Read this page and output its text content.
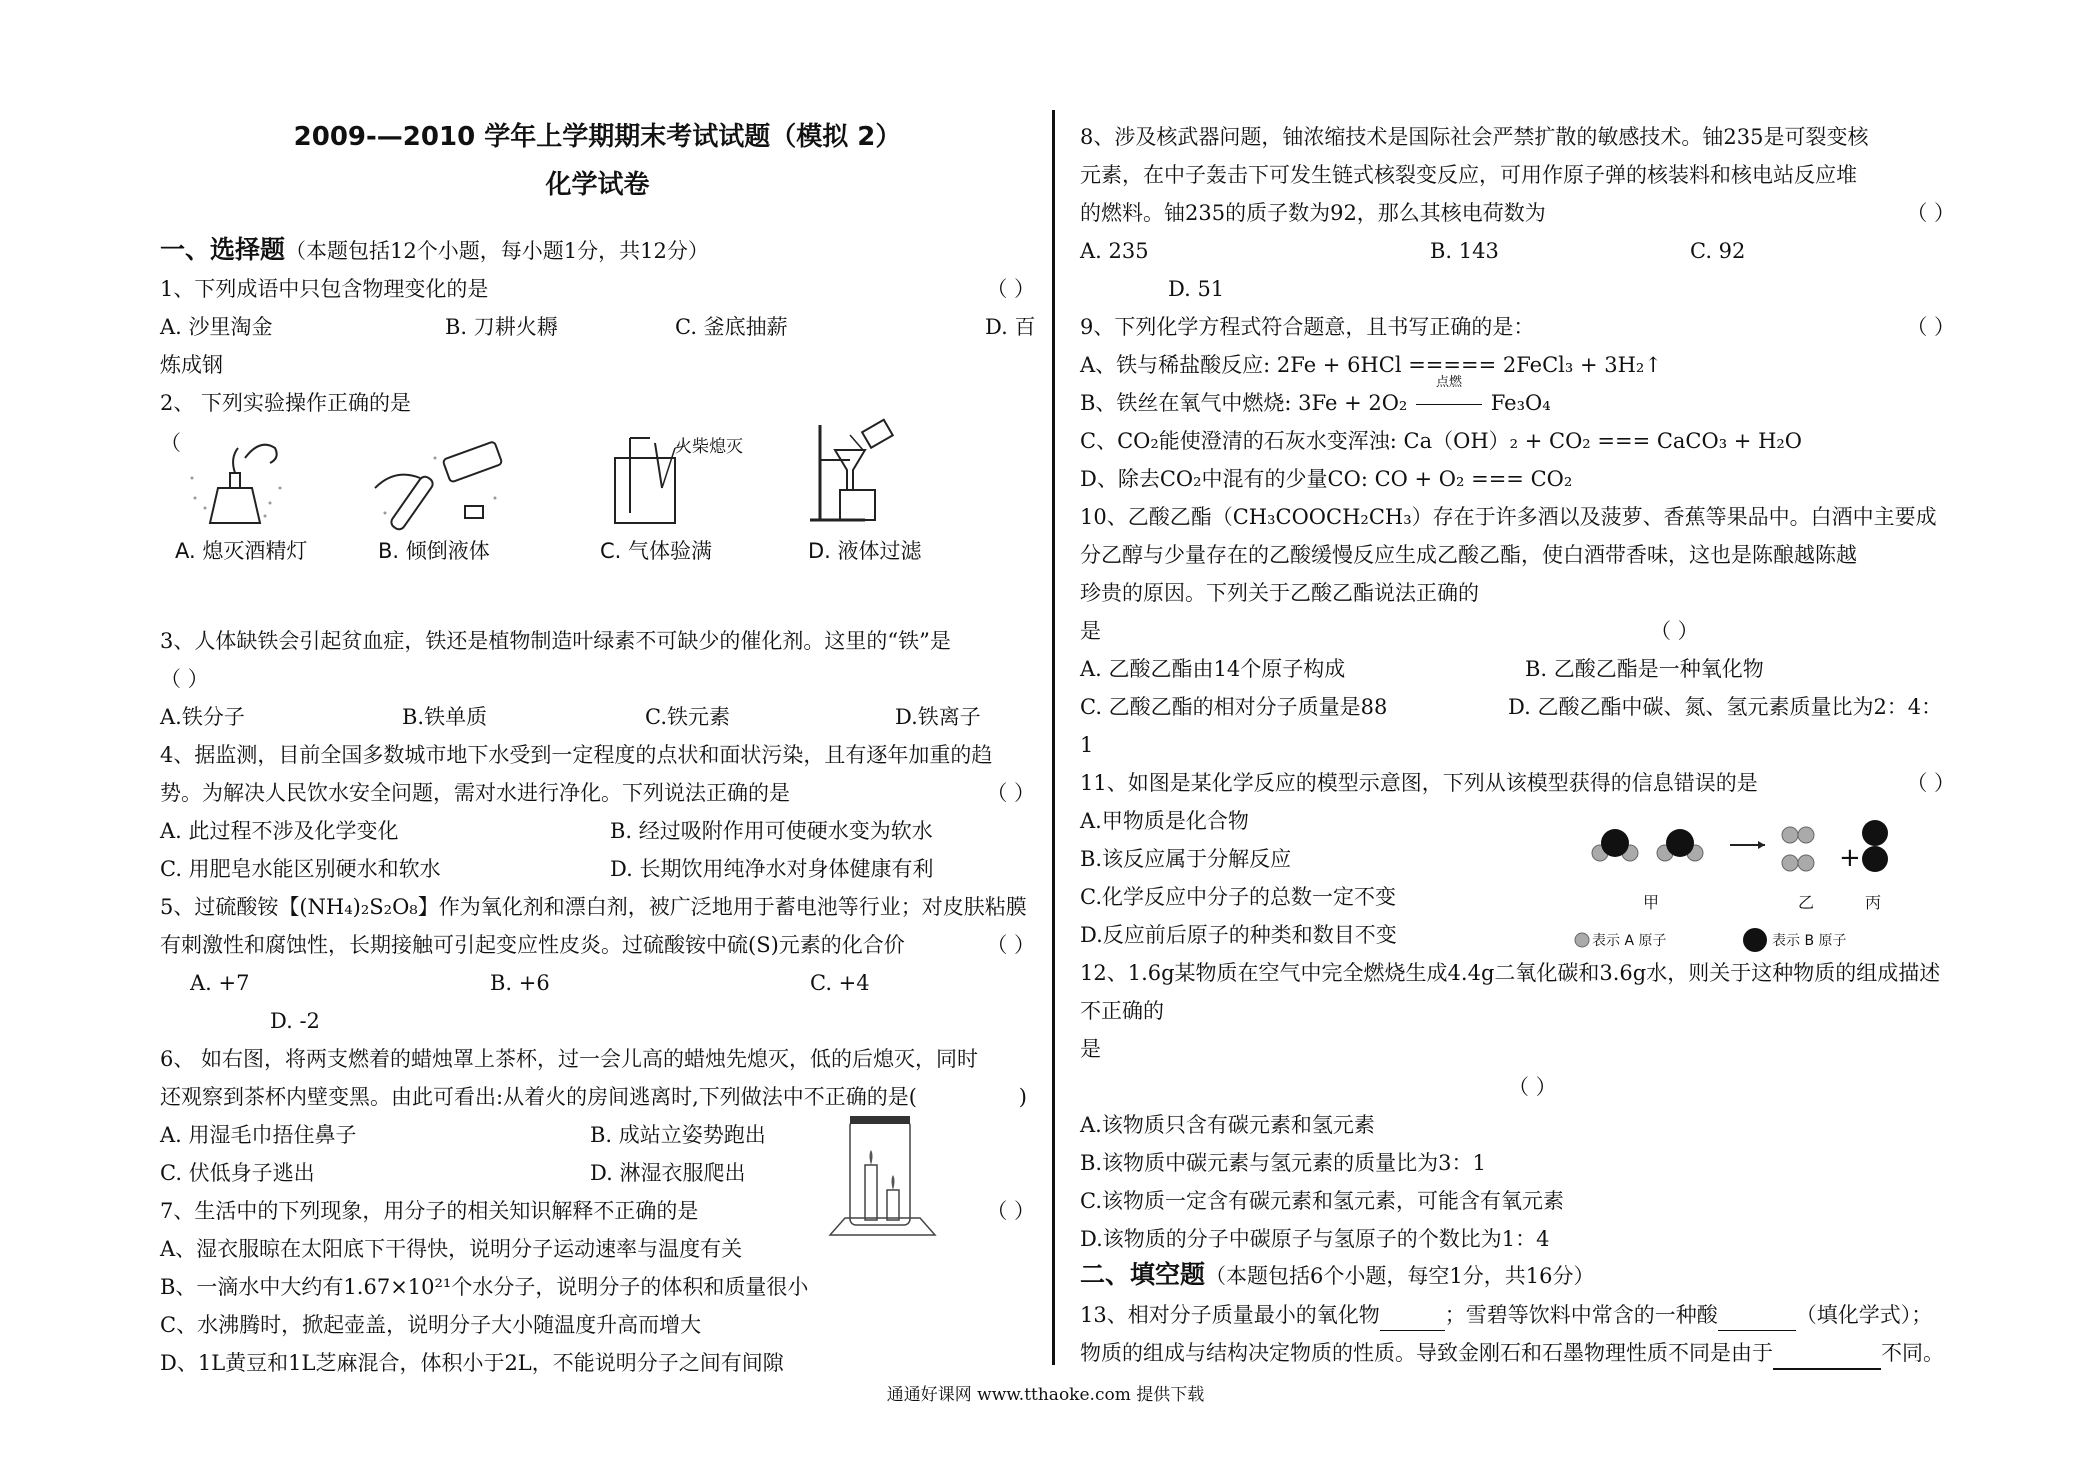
2009-—2010 学年上学期期末考试试题（模拟 2）
化学试卷
一、选择题（本题包括12个小题，每小题1分，共12分）
1、下列成语中只包含物理变化的是	（ ）
A. 沙里淘金	B. 刀耕火耨	C. 釜底抽薪	D. 百
炼成钢
2、 下列实验操作正确的是
（	火柴熄灭
A. 熄灭酒精灯	B. 倾倒液体	C. 气体验满	D. 液体过滤
3、人体缺铁会引起贫血症，铁还是植物制造叶绿素不可缺少的催化剂。这里的“铁”是
（ ）
A.铁分子	B.铁单质	C.铁元素	D.铁离子
4、据监测，目前全国多数城市地下水受到一定程度的点状和面状污染，且有逐年加重的趋
势。为解决人民饮水安全问题，需对水进行净化。下列说法正确的是	（ ）
A. 此过程不涉及化学变化	B. 经过吸附作用可使硬水变为软水
C. 用肥皂水能区别硬水和软水	D. 长期饮用纯净水对身体健康有利
5、过硫酸铵【(NH₄)₂S₂O₈】作为氧化剂和漂白剂，被广泛地用于蓄电池等行业；对皮肤粘膜
有刺激性和腐蚀性，长期接触可引起变应性皮炎。过硫酸铵中硫(S)元素的化合价	（ ）
A. +7	B. +6	C. +4
D. -2
6、 如右图，将两支燃着的蜡烛罩上茶杯，过一会儿高的蜡烛先熄灭，低的后熄灭，同时
还观察到茶杯内壁变黑。由此可看出:从着火的房间逃离时,下列做法中不正确的是(	)
A. 用湿毛巾捂住鼻子	B. 成站立姿势跑出
C. 伏低身子逃出	D. 淋湿衣服爬出
7、生活中的下列现象，用分子的相关知识解释不正确的是	（ ）
A、湿衣服晾在太阳底下干得快，说明分子运动速率与温度有关
B、一滴水中大约有1.67×10²¹个水分子，说明分子的体积和质量很小
C、水沸腾时，掀起壶盖，说明分子大小随温度升高而增大
D、1L黄豆和1L芝麻混合，体积小于2L，不能说明分子之间有间隙
8、涉及核武器问题，铀浓缩技术是国际社会严禁扩散的敏感技术。铀235是可裂变核
元素，在中子轰击下可发生链式核裂变反应，可用作原子弹的核装料和核电站反应堆
的燃料。铀235的质子数为92，那么其核电荷数为	（ ）
A. 235	B. 143	C. 92
D. 51
9、下列化学方程式符合题意，且书写正确的是：	（ ）
A、铁与稀盐酸反应: 2Fe + 6HCl ===== 2FeCl₃ + 3H₂↑
B、铁丝在氧气中燃烧: 3Fe + 2O₂
点燃
Fe₃O₄
C、CO₂能使澄清的石灰水变浑浊: Ca（OH）₂ + CO₂ === CaCO₃ + H₂O
D、除去CO₂中混有的少量CO: CO + O₂ === CO₂
10、乙酸乙酯（CH₃COOCH₂CH₃）存在于许多酒以及菠萝、香蕉等果品中。白酒中主要成
分乙醇与少量存在的乙酸缓慢反应生成乙酸乙酯，使白酒带香味，这也是陈酿越陈越
珍贵的原因。下列关于乙酸乙酯说法正确的
是	（ ）
A. 乙酸乙酯由14个原子构成	B. 乙酸乙酯是一种氧化物
C. 乙酸乙酯的相对分子质量是88	D. 乙酸乙酯中碳、氮、氢元素质量比为2：4：
1
11、如图是某化学反应的模型示意图，下列从该模型获得的信息错误的是	（ ）
A.甲物质是化合物
B.该反应属于分解反应
C.化学反应中分子的总数一定不变
D.反应前后原子的种类和数目不变
+
甲	乙	丙
表示 A 原子	表示 B 原子
12、1.6g某物质在空气中完全燃烧生成4.4g二氧化碳和3.6g水，则关于这种物质的组成描述
不正确的
是
（ ）
A.该物质只含有碳元素和氢元素
B.该物质中碳元素与氢元素的质量比为3：1
C.该物质一定含有碳元素和氢元素，可能含有氧元素
D.该物质的分子中碳原子与氢原子的个数比为1：4
二、填空题（本题包括6个小题，每空1分，共16分）
13、相对分子质量最小的氧化物	；雪碧等饮料中常含的一种酸	（填化学式）；
物质的组成与结构决定物质的性质。导致金刚石和石墨物理性质不同是由于	不同。
通通好课网 www.tthaoke.com 提供下载
